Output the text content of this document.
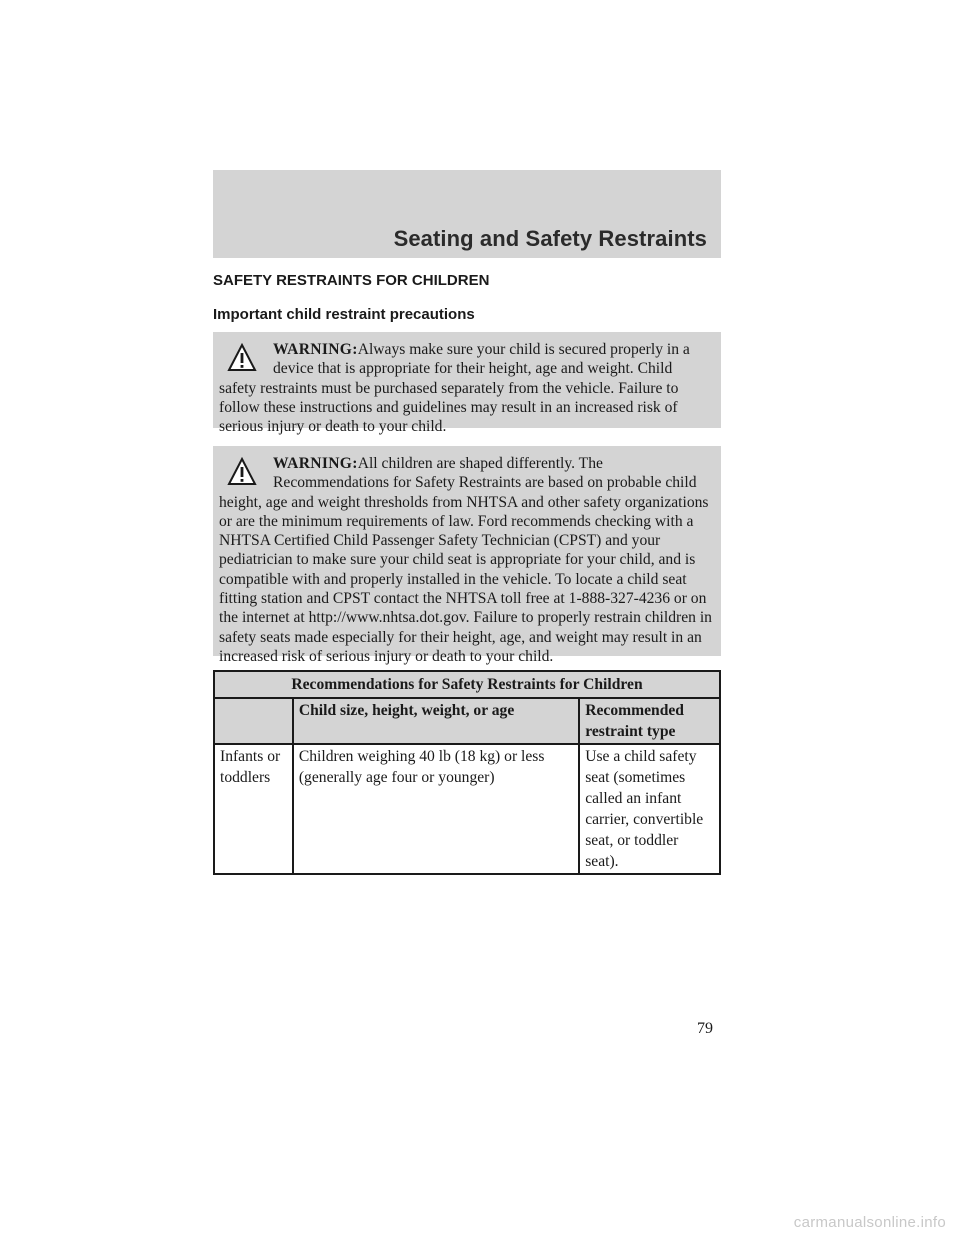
Seating and Safety Restraints
SAFETY RESTRAINTS FOR CHILDREN
Important child restraint precautions
WARNING:Always make sure your child is secured properly in a device that is appropriate for their height, age and weight. Child safety restraints must be purchased separately from the vehicle. Failure to follow these instructions and guidelines may result in an increased risk of serious injury or death to your child.
WARNING:All children are shaped differently. The Recommendations for Safety Restraints are based on probable child height, age and weight thresholds from NHTSA and other safety organizations or are the minimum requirements of law. Ford recommends checking with a NHTSA Certified Child Passenger Safety Technician (CPST) and your pediatrician to make sure your child seat is appropriate for your child, and is compatible with and properly installed in the vehicle. To locate a child seat fitting station and CPST contact the NHTSA toll free at 1-888-327-4236 or on the internet at http://www.nhtsa.dot.gov. Failure to properly restrain children in safety seats made especially for their height, age, and weight may result in an increased risk of serious injury or death to your child.
Recommendations for Safety Restraints for Children		
	Child size, height, weight, or age	Recommended restraint type
Infants or toddlers	Children weighing 40 lb (18 kg) or less (generally age four or younger)	Use a child safety seat (sometimes called an infant carrier, convertible seat, or toddler seat).
79
carmanualsonline.info
